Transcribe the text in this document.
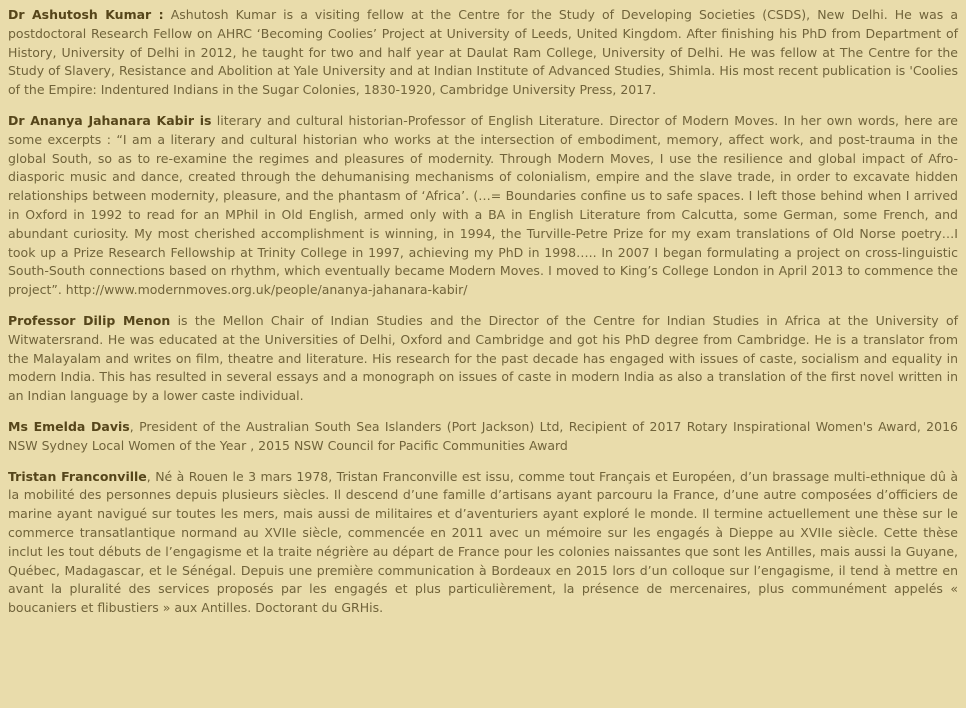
Dr Ashutosh Kumar : Ashutosh Kumar is a visiting fellow at the Centre for the Study of Developing Societies (CSDS), New Delhi. He was a postdoctoral Research Fellow on AHRC ‘Becoming Coolies’ Project at University of Leeds, United Kingdom. After finishing his PhD from Department of History, University of Delhi in 2012, he taught for two and half year at Daulat Ram College, University of Delhi. He was fellow at The Centre for the Study of Slavery, Resistance and Abolition at Yale University and at Indian Institute of Advanced Studies, Shimla. His most recent publication is 'Coolies of the Empire: Indentured Indians in the Sugar Colonies, 1830-1920, Cambridge University Press, 2017.

Dr Ananya Jahanara Kabir is literary and cultural historian-Professor of English Literature. Director of Modern Moves. In her own words, here are some excerpts : “I am a literary and cultural historian who works at the intersection of embodiment, memory, affect work, and post-trauma in the global South, so as to re-examine the regimes and pleasures of modernity. Through Modern Moves, I use the resilience and global impact of Afro-diasporic music and dance, created through the dehumanising mechanisms of colonialism, empire and the slave trade, in order to excavate hidden relationships between modernity, pleasure, and the phantasm of ‘Africa’. (…= Boundaries confine us to safe spaces. I left those behind when I arrived in Oxford in 1992 to read for an MPhil in Old English, armed only with a BA in English Literature from Calcutta, some German, some French, and abundant curiosity. My most cherished accomplishment is winning, in 1994, the Turville-Petre Prize for my exam translations of Old Norse poetry…I took up a Prize Research Fellowship at Trinity College in 1997, achieving my PhD in 1998….. In 2007 I began formulating a project on cross-linguistic South-South connections based on rhythm, which eventually became Modern Moves. I moved to King’s College London in April 2013 to commence the project”. http://www.modernmoves.org.uk/people/ananya-jahanara-kabir/

Professor Dilip Menon is the Mellon Chair of Indian Studies and the Director of the Centre for Indian Studies in Africa at the University of Witwatersrand. He was educated at the Universities of Delhi, Oxford and Cambridge and got his PhD degree from Cambridge. He is a translator from the Malayalam and writes on film, theatre and literature. His research for the past decade has engaged with issues of caste, socialism and equality in modern India. This has resulted in several essays and a monograph on issues of caste in modern India as also a translation of the first novel written in an Indian language by a lower caste individual.

Ms Emelda Davis, President of the Australian South Sea Islanders (Port Jackson) Ltd, Recipient of 2017 Rotary Inspirational Women's Award, 2016 NSW Sydney Local Women of the Year , 2015 NSW Council for Pacific Communities Award

Tristan Franconville, Né à Rouen le 3 mars 1978, Tristan Franconville est issu, comme tout Français et Européen, d’un brassage multi-ethnique dû à la mobilité des personnes depuis plusieurs siècles. Il descend d’une famille d’artisans ayant parcouru la France, d’une autre composées d’officiers de marine ayant navigué sur toutes les mers, mais aussi de militaires et d’aventuriers ayant exploré le monde. Il termine actuellement une thèse sur le commerce transatlantique normand au XVIIe siècle, commencée en 2011 avec un mémoire sur les engagés à Dieppe au XVIIe siècle. Cette thèse inclut les tout débuts de l’engagisme et la traite négrière au départ de France pour les colonies naissantes que sont les Antilles, mais aussi la Guyane, Québec, Madagascar, et le Sénégal. Depuis une première communication à Bordeaux en 2015 lors d’un colloque sur l’engagisme, il tend à mettre en avant la pluralité des services proposés par les engagés et plus particulièrement, la présence de mercenaires, plus communément appelés « boucaniers et flibustiers » aux Antilles. Doctorant du GRHis.
